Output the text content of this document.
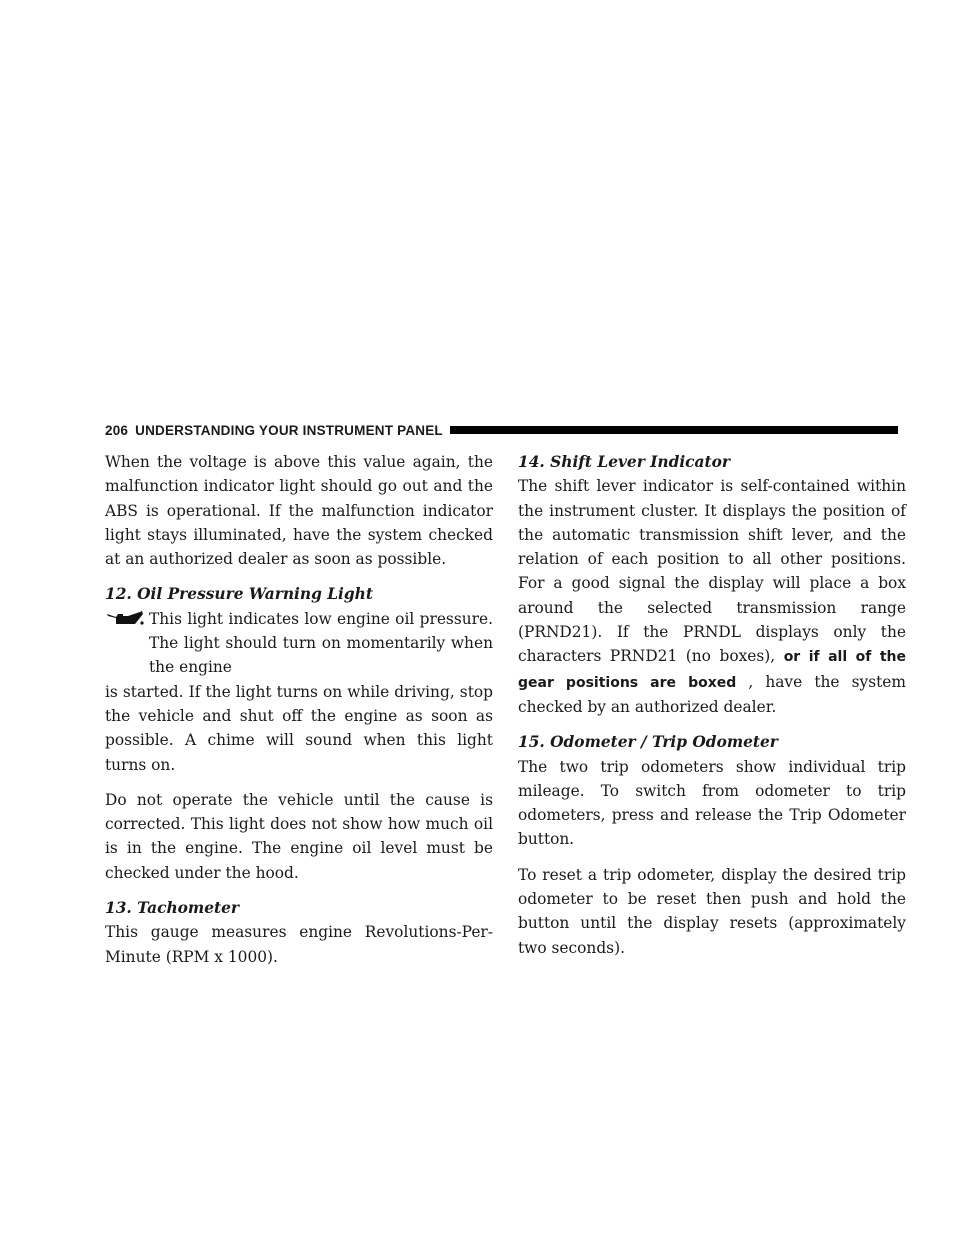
206 UNDERSTANDING YOUR INSTRUMENT PANEL

When the voltage is above this value again, the malfunction indicator light should go out and the ABS is operational. If the malfunction indicator light stays illuminated, have the system checked at an authorized dealer as soon as possible.

12. Oil Pressure Warning Light

This light indicates low engine oil pressure. The light should turn on momentarily when the engine

is started. If the light turns on while driving, stop the vehicle and shut off the engine as soon as possible. A chime will sound when this light turns on.

Do not operate the vehicle until the cause is corrected. This light does not show how much oil is in the engine. The engine oil level must be checked under the hood.

13. Tachometer

This gauge measures engine Revolutions-Per-Minute (RPM x 1000).

14. Shift Lever Indicator

The shift lever indicator is self-contained within the instrument cluster. It displays the position of the automatic transmission shift lever, and the relation of each position to all other positions. For a good signal the display will place a box around the selected transmission range (PRND21). If the PRNDL displays only the characters PRND21 (no boxes), or if all of the gear positions are boxed , have the system checked by an authorized dealer.

15. Odometer / Trip Odometer

The two trip odometers show individual trip mileage. To switch from odometer to trip odometers, press and release the Trip Odometer button.

To reset a trip odometer, display the desired trip odometer to be reset then push and hold the button until the display resets (approximately two seconds).
